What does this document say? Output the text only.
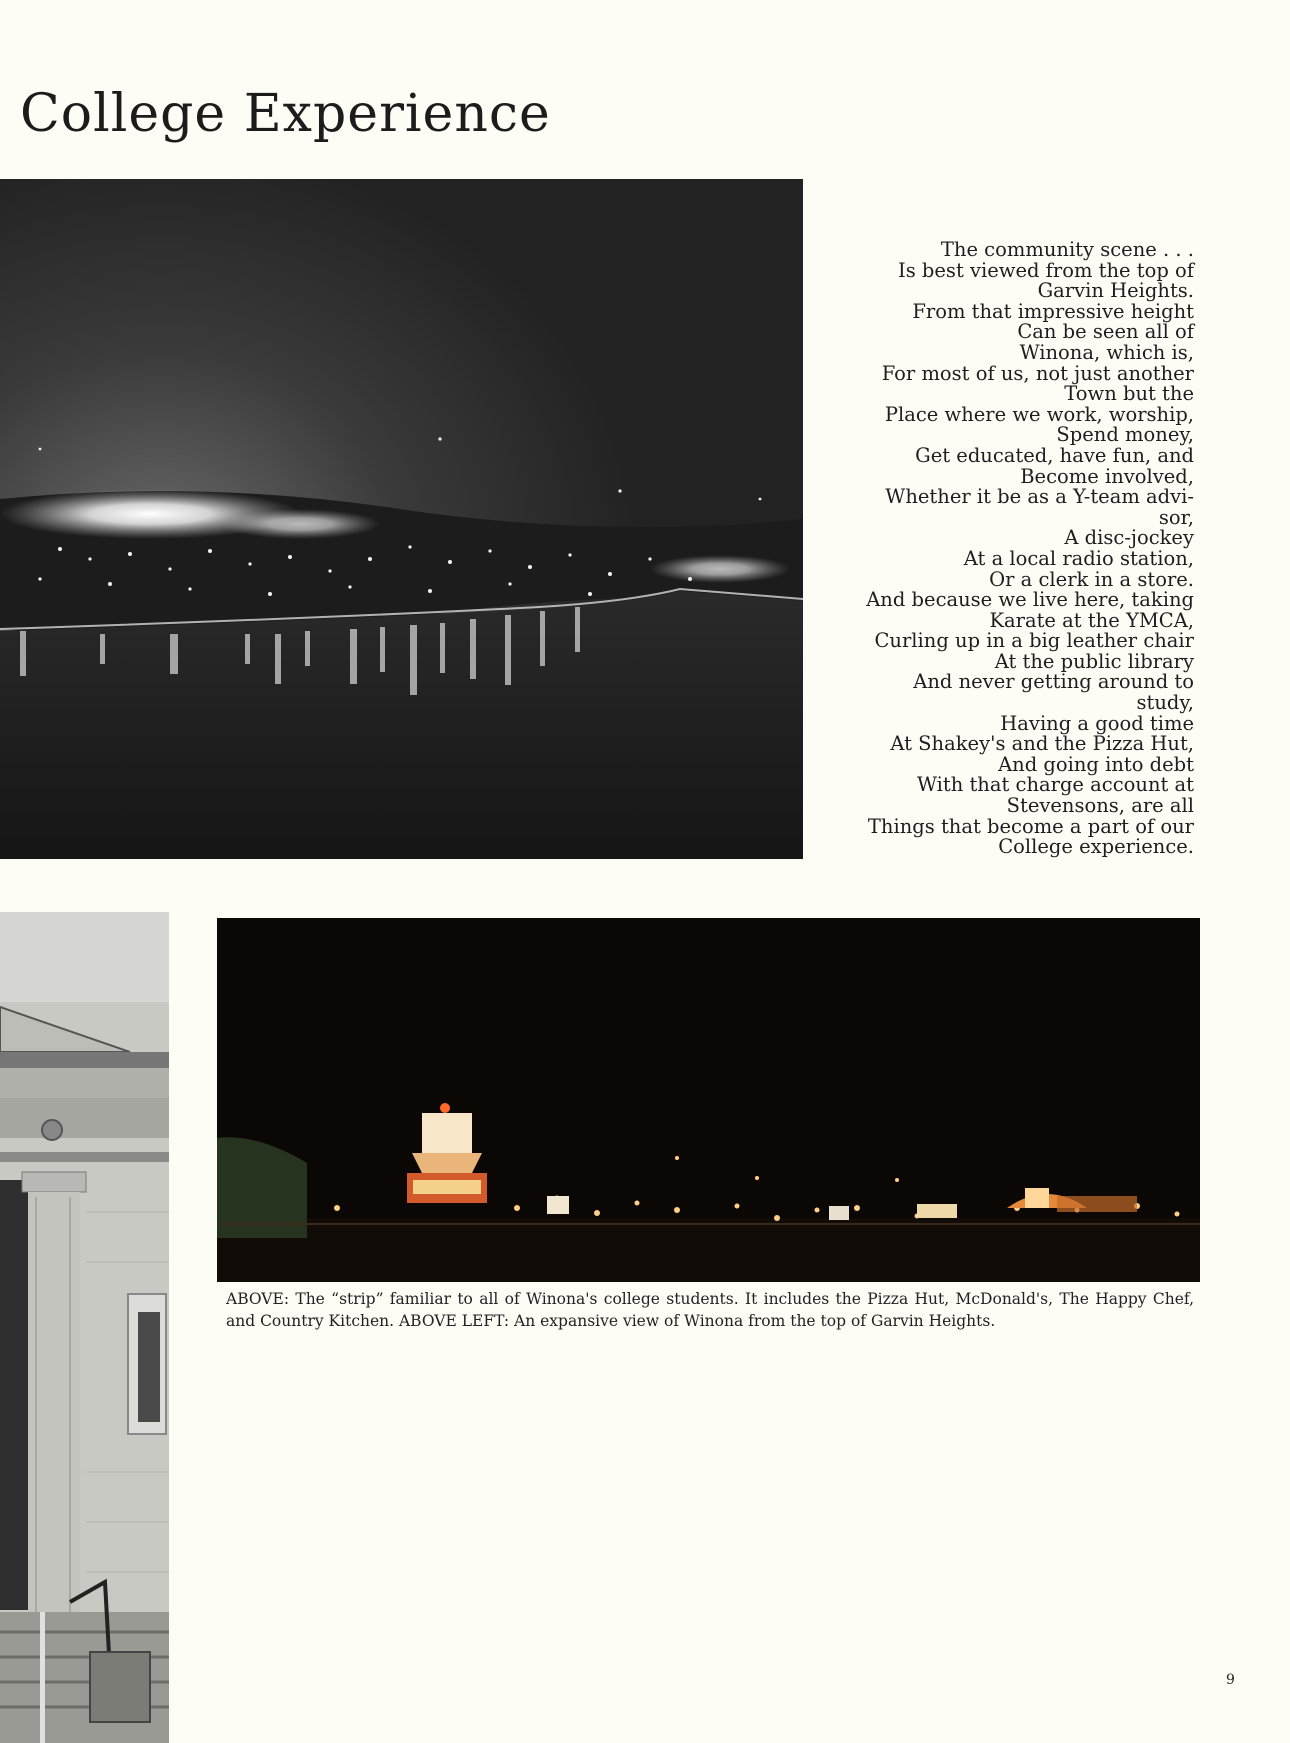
College Experience
The community scene . . .
Is best viewed from the top of
Garvin Heights.
From that impressive height
Can be seen all of
Winona, which is,
For most of us, not just another
Town but the
Place where we work, worship,
Spend money,
Get educated, have fun, and
Become involved,
Whether it be as a Y-team advi-
sor,
A disc-jockey
At a local radio station,
Or a clerk in a store.
And because we live here, taking
Karate at the YMCA,
Curling up in a big leather chair
At the public library
And never getting around to
study,
Having a good time
At Shakey's and the Pizza Hut,
And going into debt
With that charge account at
Stevensons, are all
Things that become a part of our
College experience.
ABOVE: The “strip” familiar to all of Winona's college students. It includes the Pizza Hut, McDonald's, The Happy Chef, and Country Kitchen. ABOVE LEFT: An expansive view of Winona from the top of Garvin Heights.
9
